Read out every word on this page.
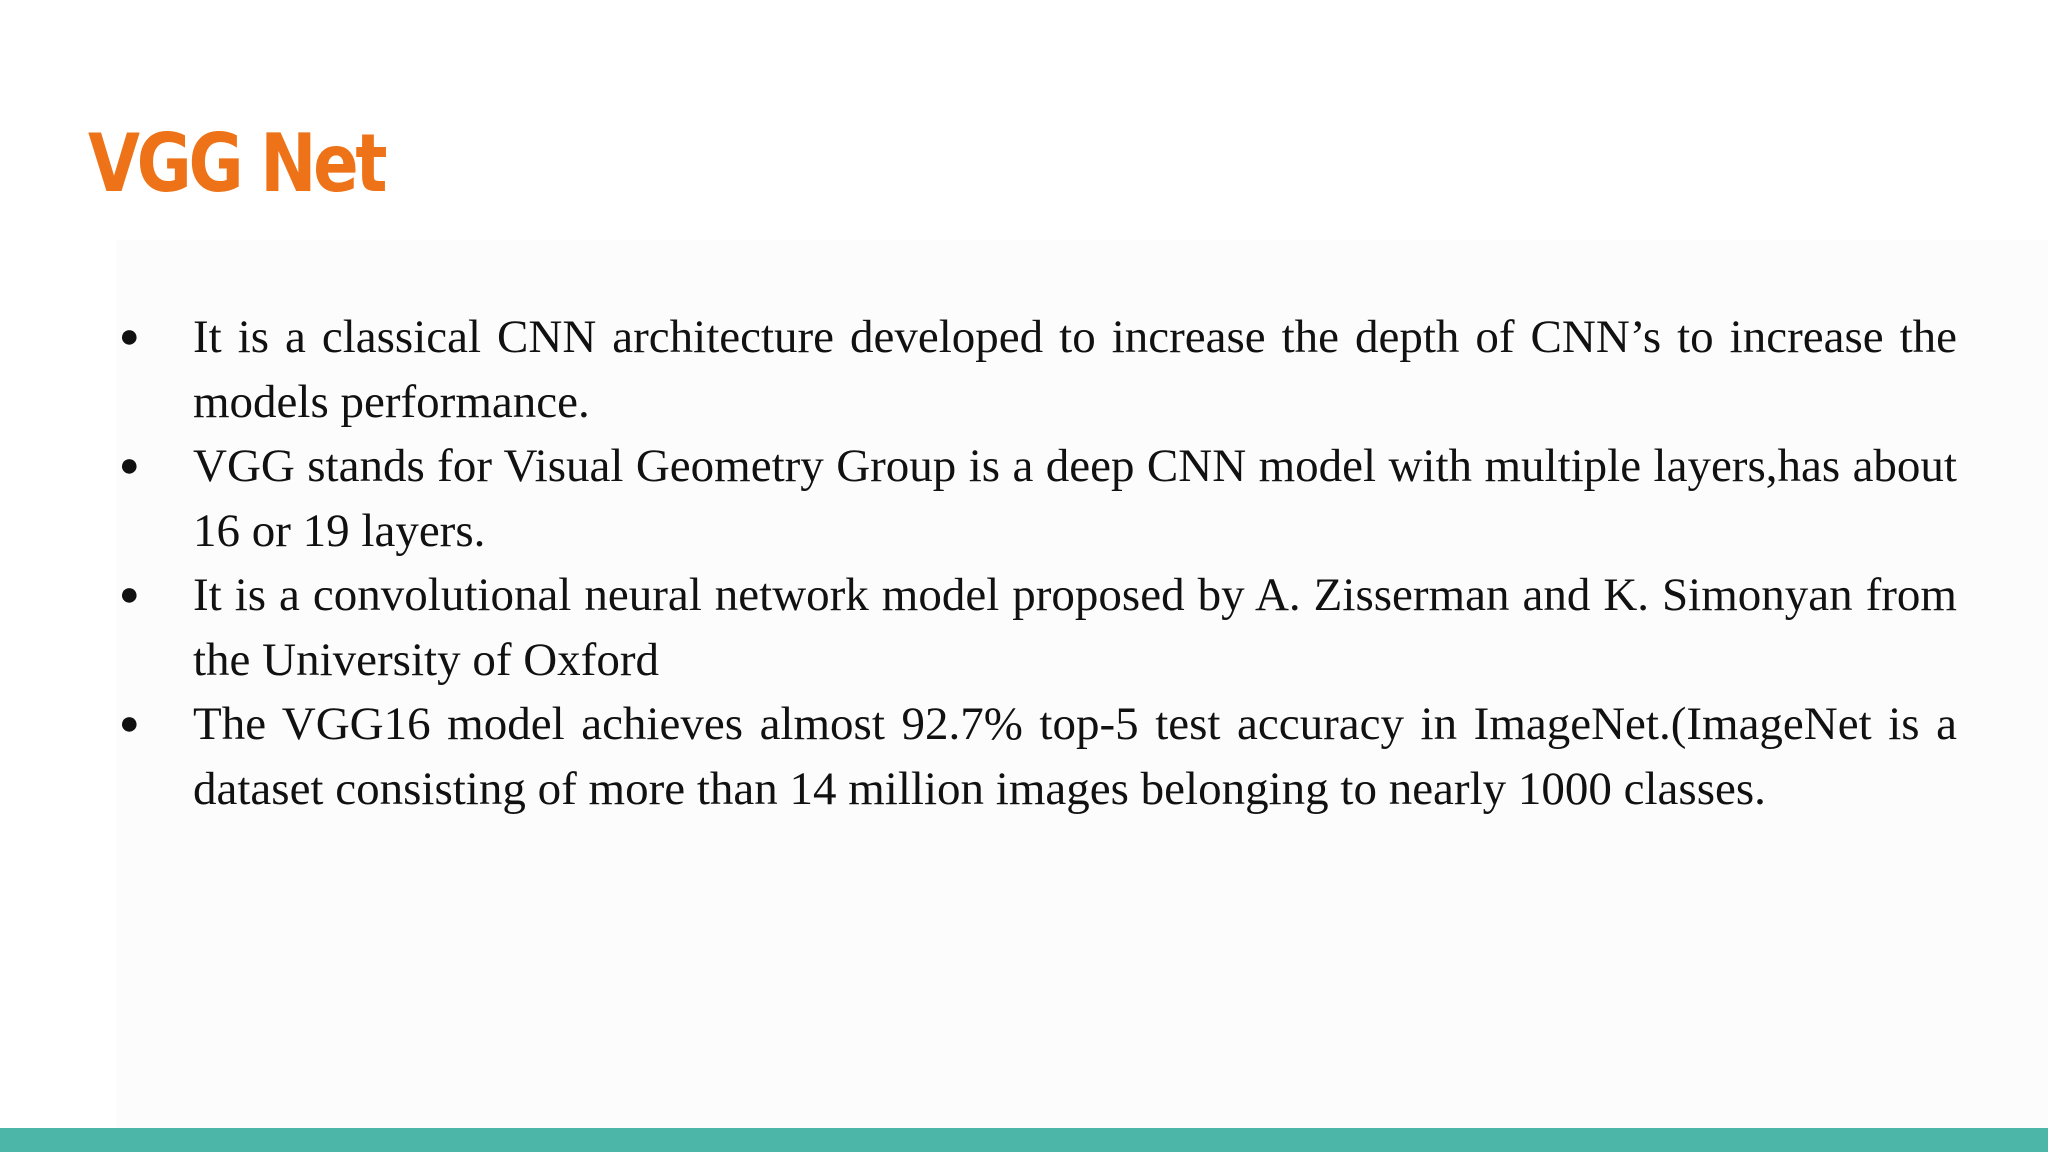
VGG Net
● It is a classical CNN architecture developed to increase the depth of CNN’s to increase the models performance.
● VGG stands for Visual Geometry Group is a deep CNN model with multiple layers,has about 16 or 19 layers.
● It is a convolutional neural network model proposed by A. Zisserman and K. Simonyan from the University of Oxford
● The VGG16 model achieves almost 92.7% top-5 test accuracy in ImageNet.(ImageNet is a dataset consisting of more than 14 million images belonging to nearly 1000 classes.
